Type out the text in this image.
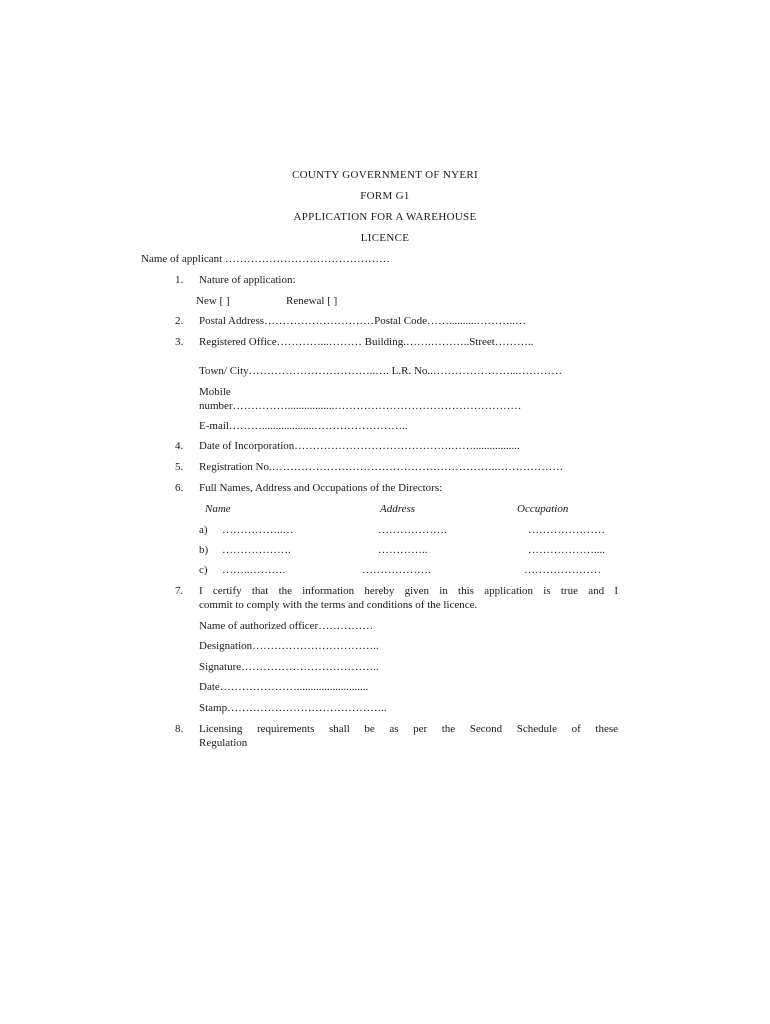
COUNTY GOVERNMENT OF NYERI
FORM G1
APPLICATION FOR A WAREHOUSE
LICENCE
Name of applicant ………………………………………
1. Nature of application:
New [ ]	Renewal [ ]
2. Postal Address…………………………Postal Code……..........………..…
3. Registered Office…………...……… Building.…….………..Street………..
Town/ City……………………………..…. L.R. No..…………………...…………
Mobile
number…………….................……………………………………………
E-mail………...................……………………..
4. Date of Incorporation…………………………………….…….................
5. Registration No.……………………………………………………..………………
6. Full Names, Address and Occupations of the Directors:
Name	Address	Occupation
a) ……………..…	……………….	…………………
b) ……………….	…………..	………………....
c) ……..……….	……………….	…………………
7. I certify that the information hereby given in this application is true and I
commit to comply with the terms and conditions of the licence.
Name of authorized officer……………
Designation……………………………..
Signature………………………………..
Date…………………..........................
Stamp……………………………………..
8. Licensing requirements shall be as per the Second Schedule of these
Regulation
